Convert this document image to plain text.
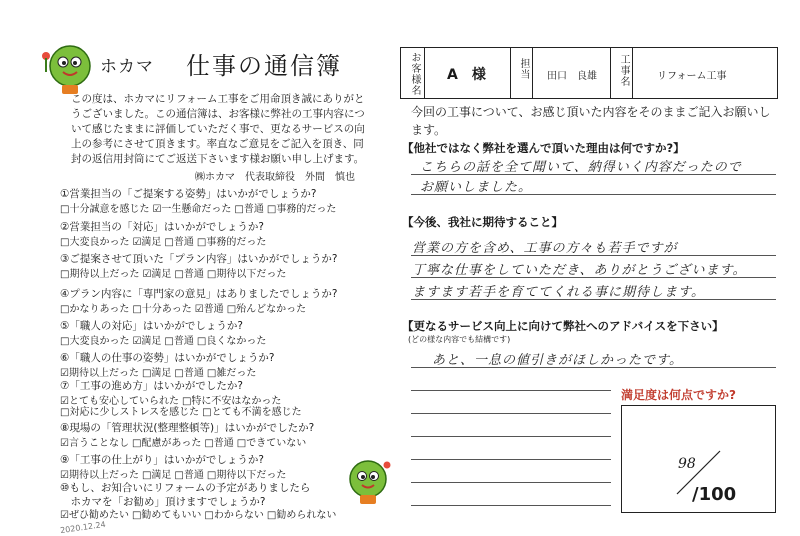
ホカマ 仕事の通信簿
この度は、ホカマにリフォーム工事をご用命頂き誠にありがとうございました。この通信簿は、お客様に弊社の工事内容について感じたままに評価していただく事で、更なるサービスの向上の参考にさせて頂きます。率直なご意見をご記入を頂き、同封の返信用封筒にてご返送下さいます様お願い申し上げます。
㈱ホカマ　代表取締役　外間　慎也
①営業担当の「ご提案する姿勢」はいかがでしょうか?
□十分誠意を感じた ☑一生懸命だった □普通 □事務的だった
②営業担当の「対応」はいかがでしょうか?
□大変良かった ☑満足 □普通 □事務的だった
③ご提案させて頂いた「プラン内容」はいかがでしょうか?
□期待以上だった ☑満足 □普通 □期待以下だった
④プラン内容に「専門家の意見」はありましたでしょうか?
□かなりあった □十分あった ☑普通 □殆んどなかった
⑤「職人の対応」はいかがでしょうか?
□大変良かった ☑満足 □普通 □良くなかった
⑥「職人の仕事の姿勢」はいかがでしょうか?
☑期待以上だった □満足 □普通 □雑だった
⑦「工事の進め方」はいかがでしたか?
☑とても安心していられた □特に不安はなかった
□対応に少しストレスを感じた □とても不満を感じた
⑧現場の「管理状況(整理整頓等)」はいかがでしたか?
☑言うことなし □配慮があった □普通 □できていない
⑨「工事の仕上がり」はいかがでしょうか?
☑期待以上だった □満足 □普通 □期待以下だった
⑩もし、お知合いにリフォームの予定がありましたら
　ホカマを「お勧め」頂けますでしょうか?
☑ぜひ勧めたい □勧めてもいい □わからない □勧められない
2020.12.24
お客様名 A　様	担当 田口　良雄 工事名	リフォーム工事
今回の工事について、お感じ頂いた内容をそのままご記入お願いします。
【他社ではなく弊社を選んで頂いた理由は何ですか?】
こちらの話を全て聞いて、納得いく内容だったので
お願いしました。
【今後、我社に期待すること】
営業の方を含め、工事の方々も若手ですが
丁寧な仕事をしていただき、ありがとうございます。
ますます若手を育ててくれる事に期待します。
【更なるサービス向上に向けて弊社へのアドバイスを下さい】
(どの様な内容でも結構です)
あと、一息の値引きがほしかったです。
満足度は何点ですか?
98
/100
